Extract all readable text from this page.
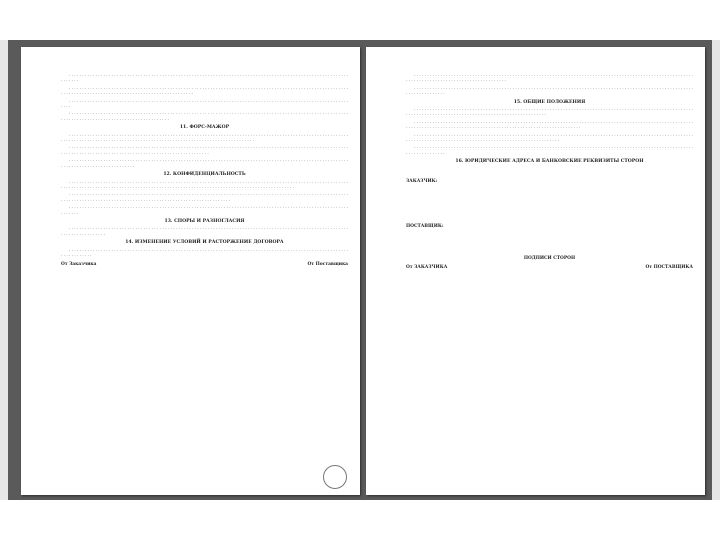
· · · · · · · · · · · · · · · · · · · · · · · · · · · · · · · · · · · · · · · · · · · · · · · · · · · · · · · · · · · · · · · · · · · · · · · · · · · · · · · · · · · · · · · · · · · · · · · · · · · · · · · · · · · · · · · ·
· · · · · · · · · · · · · · · · · · · · · · · · · · · · · · · · · · · · · · · · · · · · · · · · · · · · · · · · · · · · · · · · · · · · · · · · · · · · · · · · · · · · · · · · · · · · · · · · · · · · · · · · · · · · · · · · · · · · · · · · · · · · · · · · · · · · · · · · · · · · · · · · · · · · · · · · · · ·
· · · · · · · · · · · · · · · · · · · · · · · · · · · · · · · · · · · · · · · · · · · · · · · · · · · · · · · · · · · · · · · · · · · · · · · · · · · · · · · · · · · · · · · · · · · · · · · · · · · · · · · · · · · · ·
· · · · · · · · · · · · · · · · · · · · · · · · · · · · · · · · · · · · · · · · · · · · · · · · · · · · · · · · · · · · · · · · · · · · · · · · · · · · · · · · · · · · · · · · · · · · · · · · · · · · · · · · · · · · · · · · · · · · · · · · · · · · · · · · · · · · · · · · · · · · · · · · · ·
11. ФОРС-МАЖОР
· · · · · · · · · · · · · · · · · · · · · · · · · · · · · · · · · · · · · · · · · · · · · · · · · · · · · · · · · · · · · · · · · · · · · · · · · · · · · · · · · · · · · · · · · · · · · · · · · · · · · · · · · · · · · · · · · · · · · · · · · · · · · · · · · · · · · · · · · · · · · · · · · · · · · · · · · · · · · · · · · · · · · · · · · · · · · · · · · ·
· · · · · · · · · · · · · · · · · · · · · · · · · · · · · · · · · · · · · · · · · · · · · · · · · · · · · · · · · · · · · · · · · · · · · · · · · · · · · · · · · · · · · · · · · · · · · · · · · · · · · · · · · · · · · · · · · · · · · · · · · · · · · · · · · · · · · · · · · · · · · · · · · · · · · · · · · · · · · · · · ·
· · · · · · · · · · · · · · · · · · · · · · · · · · · · · · · · · · · · · · · · · · · · · · · · · · · · · · · · · · · · · · · · · · · · · · · · · · · · · · · · · · · · · · · · · · · · · · · · · · · · · · · · · · · · · · · · · · · · · · · · · · · · · · · · · · · · ·
12. КОНФИДЕНЦИАЛЬНОСТЬ
· · · · · · · · · · · · · · · · · · · · · · · · · · · · · · · · · · · · · · · · · · · · · · · · · · · · · · · · · · · · · · · · · · · · · · · · · · · · · · · · · · · · · · · · · · · · · · · · · · · · · · · · · · · · · · · · · · · · · · · · · · · · · · · · · · · · · · · · · · · · · · · · · · · · · · · · · · · · · · · · · · · · · · · · · · · · · · · · · · · · · · · · · · · · · · · · ·
· · · · · · · · · · · · · · · · · · · · · · · · · · · · · · · · · · · · · · · · · · · · · · · · · · · · · · · · · · · · · · · · · · · · · · · · · · · · · · · · · · · · · · · · · · · · · · · · · · · · · · · · · · · · · · · · · · · · · · · · · · · · · · · · · · · · · · · · · · · · · · · · · · · · · · · · · · · · · · · · · · · · · · · · ·
· · · · · · · · · · · · · · · · · · · · · · · · · · · · · · · · · · · · · · · · · · · · · · · · · · · · · · · · · · · · · · · · · · · · · · · · · · · · · · · · · · · · · · · · · · · · · · · · · · · · · · · · · · · · · · · ·
13. СПОРЫ И РАЗНОГЛАСИЯ
· · · · · · · · · · · · · · · · · · · · · · · · · · · · · · · · · · · · · · · · · · · · · · · · · · · · · · · · · · · · · · · · · · · · · · · · · · · · · · · · · · · · · · · · · · · · · · · · · · · · · · · · · · · · · · · · · · · · · · · · · ·
14. ИЗМЕНЕНИЕ УСЛОВИЙ И РАСТОРЖЕНИЕ ДОГОВОРА
· · · · · · · · · · · · · · · · · · · · · · · · · · · · · · · · · · · · · · · · · · · · · · · · · · · · · · · · · · · · · · · · · · · · · · · · · · · · · · · · · · · · · · · · · · · · · · · · · · · · · · · · · · · · · · · · · · · · ·
От Заказчика	От Поставщика
· · · · · · · · · · · · · · · · · · · · · · · · · · · · · · · · · · · · · · · · · · · · · · · · · · · · · · · · · · · · · · · · · · · · · · · · · · · · · · · · · · · · · · · · · · · · · · · · · · · · · · · · · · · · · · · · · · · · · · · · · · · · · · · · · · · · · · · · · · · · · · ·
· · · · · · · · · · · · · · · · · · · · · · · · · · · · · · · · · · · · · · · · · · · · · · · · · · · · · · · · · · · · · · · · · · · · · · · · · · · · · · · · · · · · · · · · · · · · · · · · · · · · · · · · · · · · · · · · · · · · · · · ·
15. ОБЩИЕ ПОЛОЖЕНИЯ
· · · · · · · · · · · · · · · · · · · · · · · · · · · · · · · · · · · · · · · · · · · · · · · · · · · · · · · · · · · · · · · · · · · · · · · · · · · · · · · · · · · · · · · · · · · · · · · · · · · · · · · · · · · · · · · · · · · · · · · · · · · · · · · · · · · · · · · · · · · · · · · · · · · · · · · · · · · · · ·
· · · · · · · · · · · · · · · · · · · · · · · · · · · · · · · · · · · · · · · · · · · · · · · · · · · · · · · · · · · · · · · · · · · · · · · · · · · · · · · · · · · · · · · · · · · · · · · · · · · · · · · · · · · · · · · · · · · · · · · · · · · · · · · · · · · · · · · · · · · · · · · · · · · · · · · · · · · · · · · · · · · · · · · · · · ·
· · · · · · · · · · · · · · · · · · · · · · · · · · · · · · · · · · · · · · · · · · · · · · · · · · · · · · · · · · · · · · · · · · · · · · · · · · · · · · · · · · · · · · · · · · · · · · · · · · · · · · · · · · · · · · · · · · · · · · · · · · · · · · · · · · · · · · · · · · · · · · · · · · · · · · · · · · · · · · · · · · ·
· · · · · · · · · · · · · · · · · · · · · · · · · · · · · · · · · · · · · · · · · · · · · · · · · · · · · · · · · · · · · · · · · · · · · · · · · · · · · · · · · · · · · · · · · · · · · · · · · · · · · · · · · · · · · · · · · · · · · · · ·
16. ЮРИДИЧЕСКИЕ АДРЕСА И БАНКОВСКИЕ РЕКВИЗИТЫ СТОРОН
ЗАКАЗЧИК:
ПОСТАВЩИК:
ПОДПИСИ СТОРОН
От ЗАКАЗЧИКА	От ПОСТАВЩИКА
